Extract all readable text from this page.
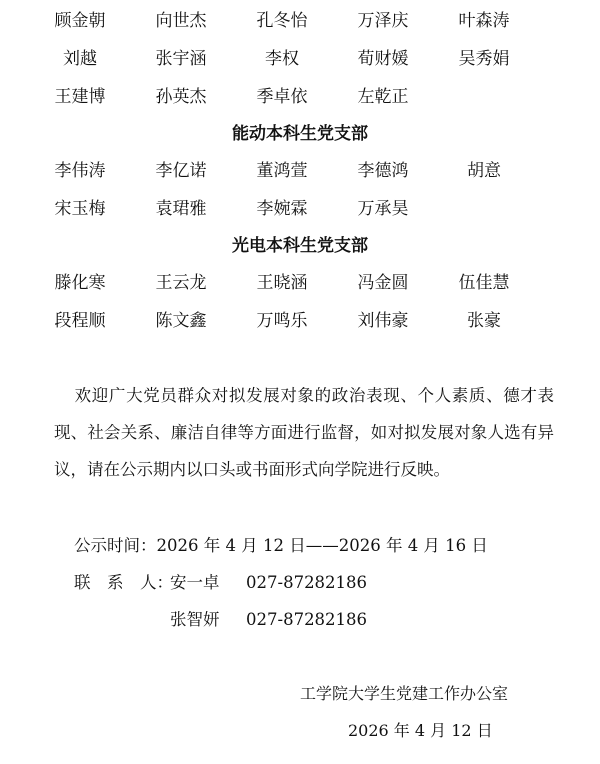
顾金朝	向世杰	孔冬怡	万泽庆	叶森涛
刘越	张宇涵	李权	荀财媛	吴秀娟
王建博	孙英杰	季卓依	左乾正
能动本科生党支部
李伟涛	李亿诺	董鸿萱	李德鸿	胡意
宋玉梅	袁珺雅	李婉霖	万承昊
光电本科生党支部
滕化寒	王云龙	王晓涵	冯金圆	伍佳慧
段程顺	陈文鑫	万鸣乐	刘伟豪	张豪
欢迎广大党员群众对拟发展对象的政治表现、个人素质、德才表现、社会关系、廉洁自律等方面进行监督，如对拟发展对象人选有异议，请在公示期内以口头或书面形式向学院进行反映。
公示时间：2026 年 4 月 12 日——2026 年 4 月 16 日
联　系　人：
安一卓 027-87282186
张智妍 027-87282186
工学院大学生党建工作办公室
2026 年 4 月 12 日
